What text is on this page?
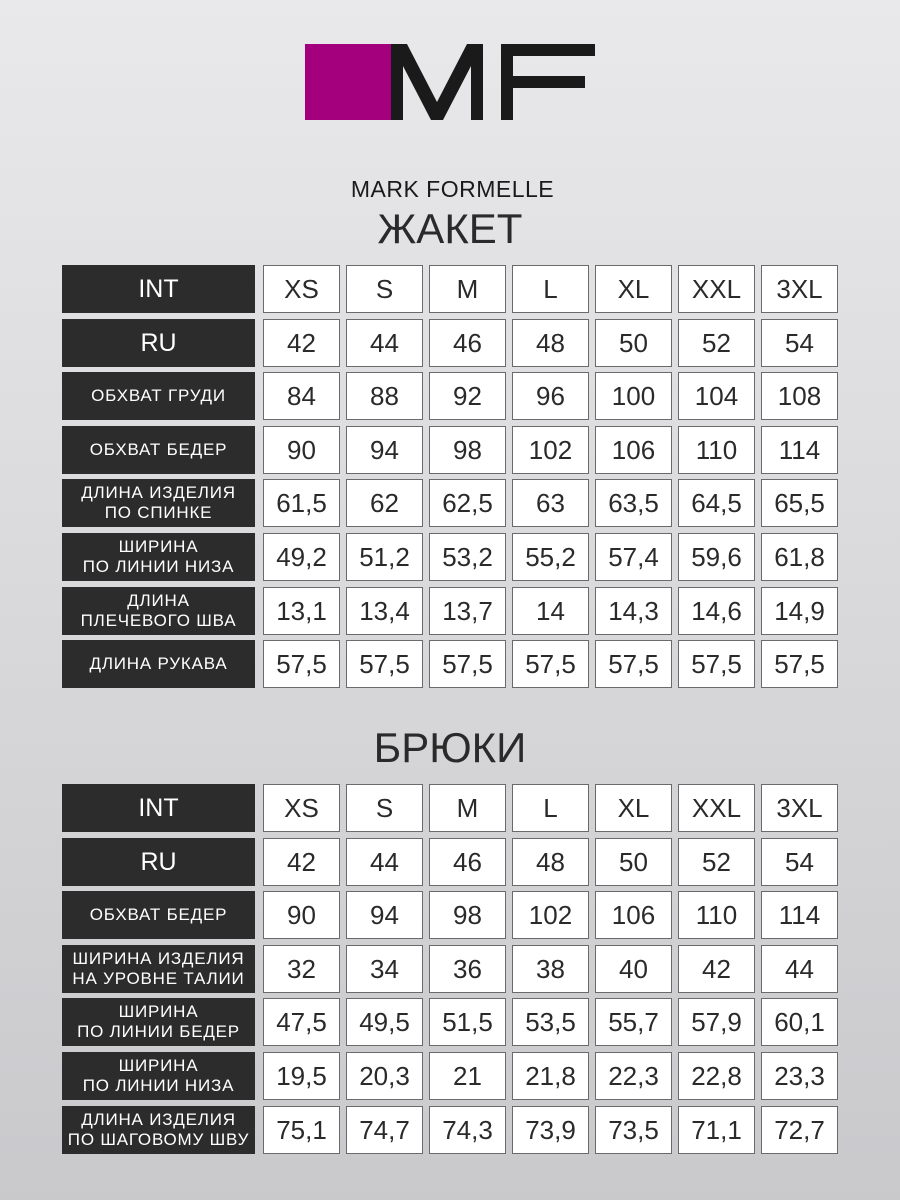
MARK FORMELLE
ЖАКЕТ
INT	XS	S	M	L	XL	XXL	3XL
RU	42	44	46	48	50	52	54
ОБХВАТ ГРУДИ	84	88	92	96	100	104	108
ОБХВАТ БЕДЕР	90	94	98	102	106	110	114
ДЛИНА ИЗДЕЛИЯ
ПО СПИНКЕ	61,5	62	62,5	63	63,5	64,5	65,5
ШИРИНА
ПО ЛИНИИ НИЗА	49,2	51,2	53,2	55,2	57,4	59,6	61,8
ДЛИНА
ПЛЕЧЕВОГО ШВА	13,1	13,4	13,7	14	14,3	14,6	14,9
ДЛИНА РУКАВА	57,5	57,5	57,5	57,5	57,5	57,5	57,5
БРЮКИ
INT	XS	S	M	L	XL	XXL	3XL
RU	42	44	46	48	50	52	54
ОБХВАТ БЕДЕР	90	94	98	102	106	110	114
ШИРИНА ИЗДЕЛИЯ
НА УРОВНЕ ТАЛИИ	32	34	36	38	40	42	44
ШИРИНА
ПО ЛИНИИ БЕДЕР	47,5	49,5	51,5	53,5	55,7	57,9	60,1
ШИРИНА
ПО ЛИНИИ НИЗА	19,5	20,3	21	21,8	22,3	22,8	23,3
ДЛИНА ИЗДЕЛИЯ
ПО ШАГОВОМУ ШВУ	75,1	74,7	74,3	73,9	73,5	71,1	72,7
